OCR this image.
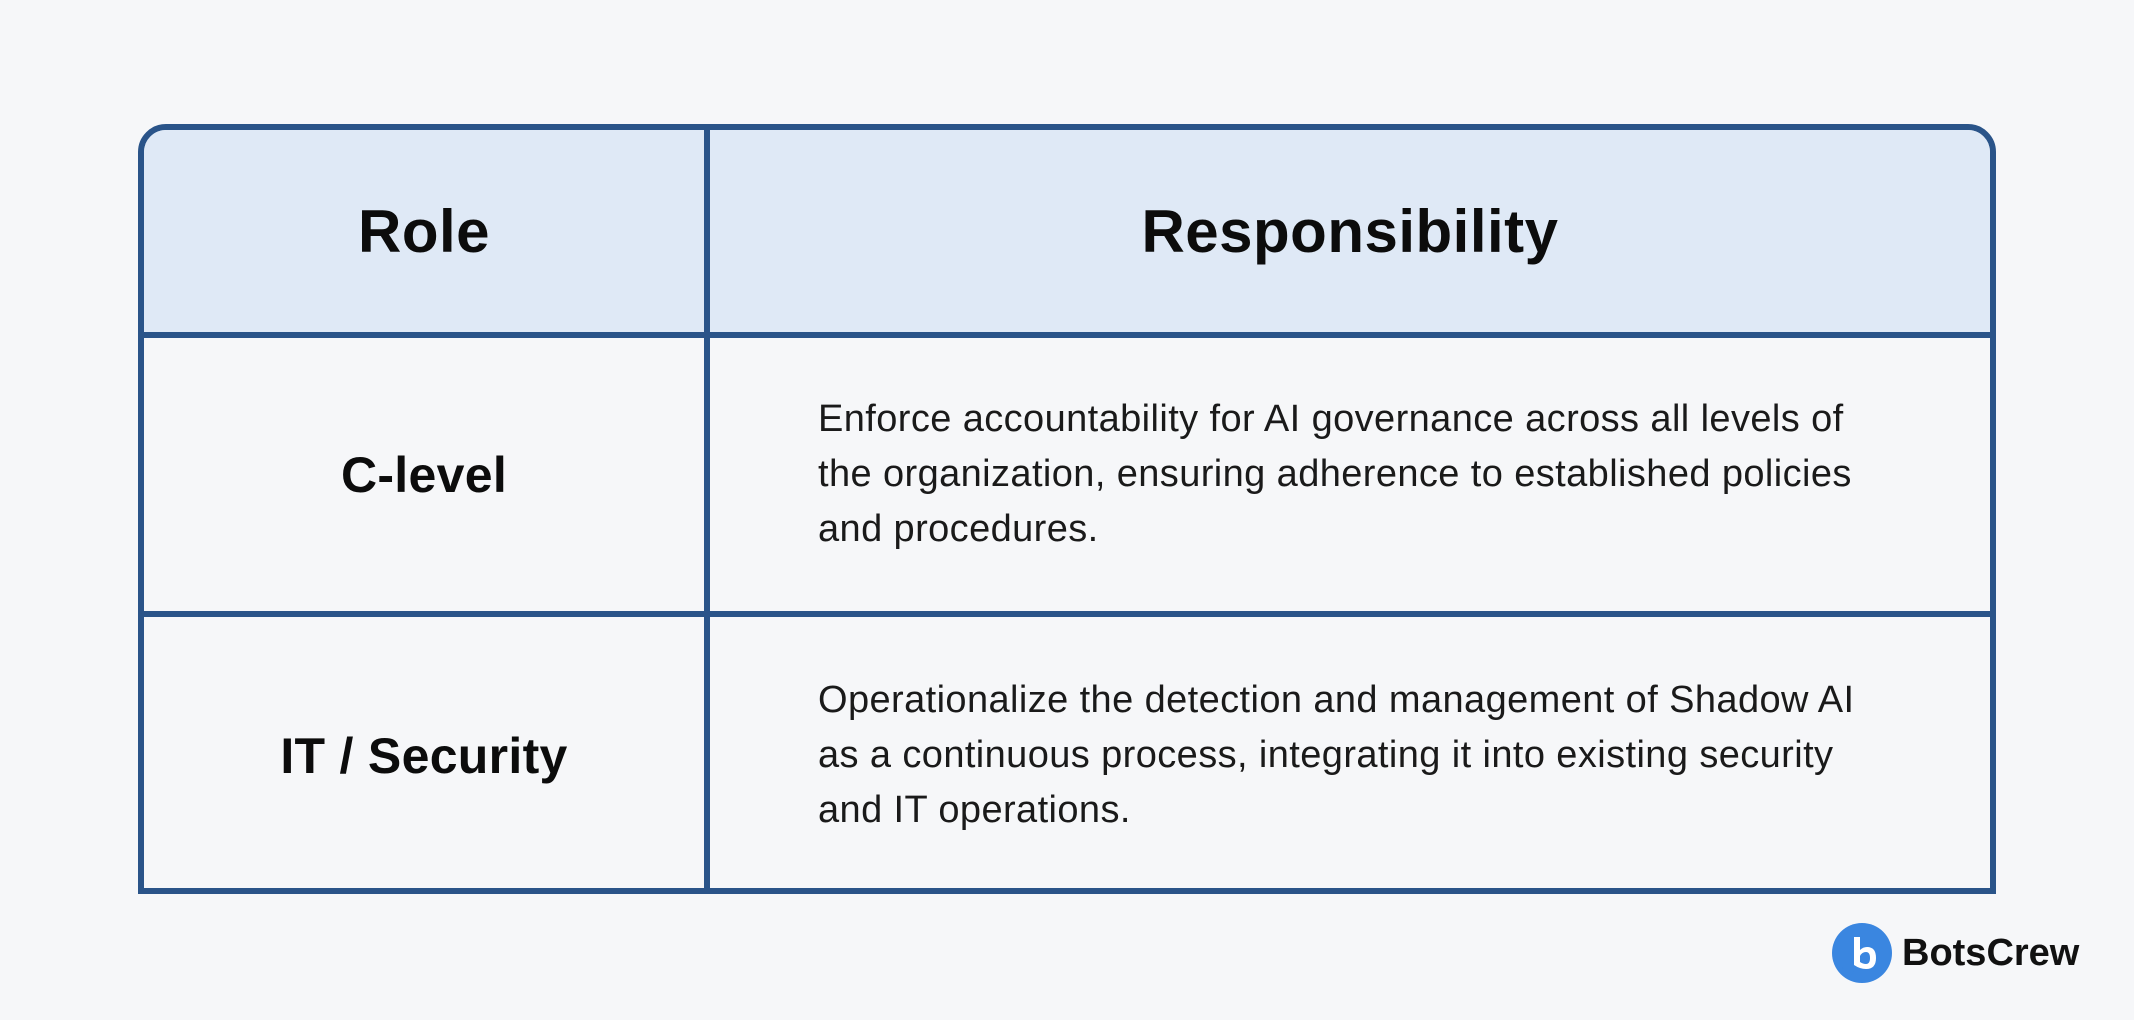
Role	Responsibility
C-level
Enforce accountability for AI governance across all levels of the organization, ensuring adherence to established policies and procedures.
IT / Security
Operationalize the detection and management of Shadow AI as a continuous process, integrating it into existing security and IT operations.
BotsCrew
